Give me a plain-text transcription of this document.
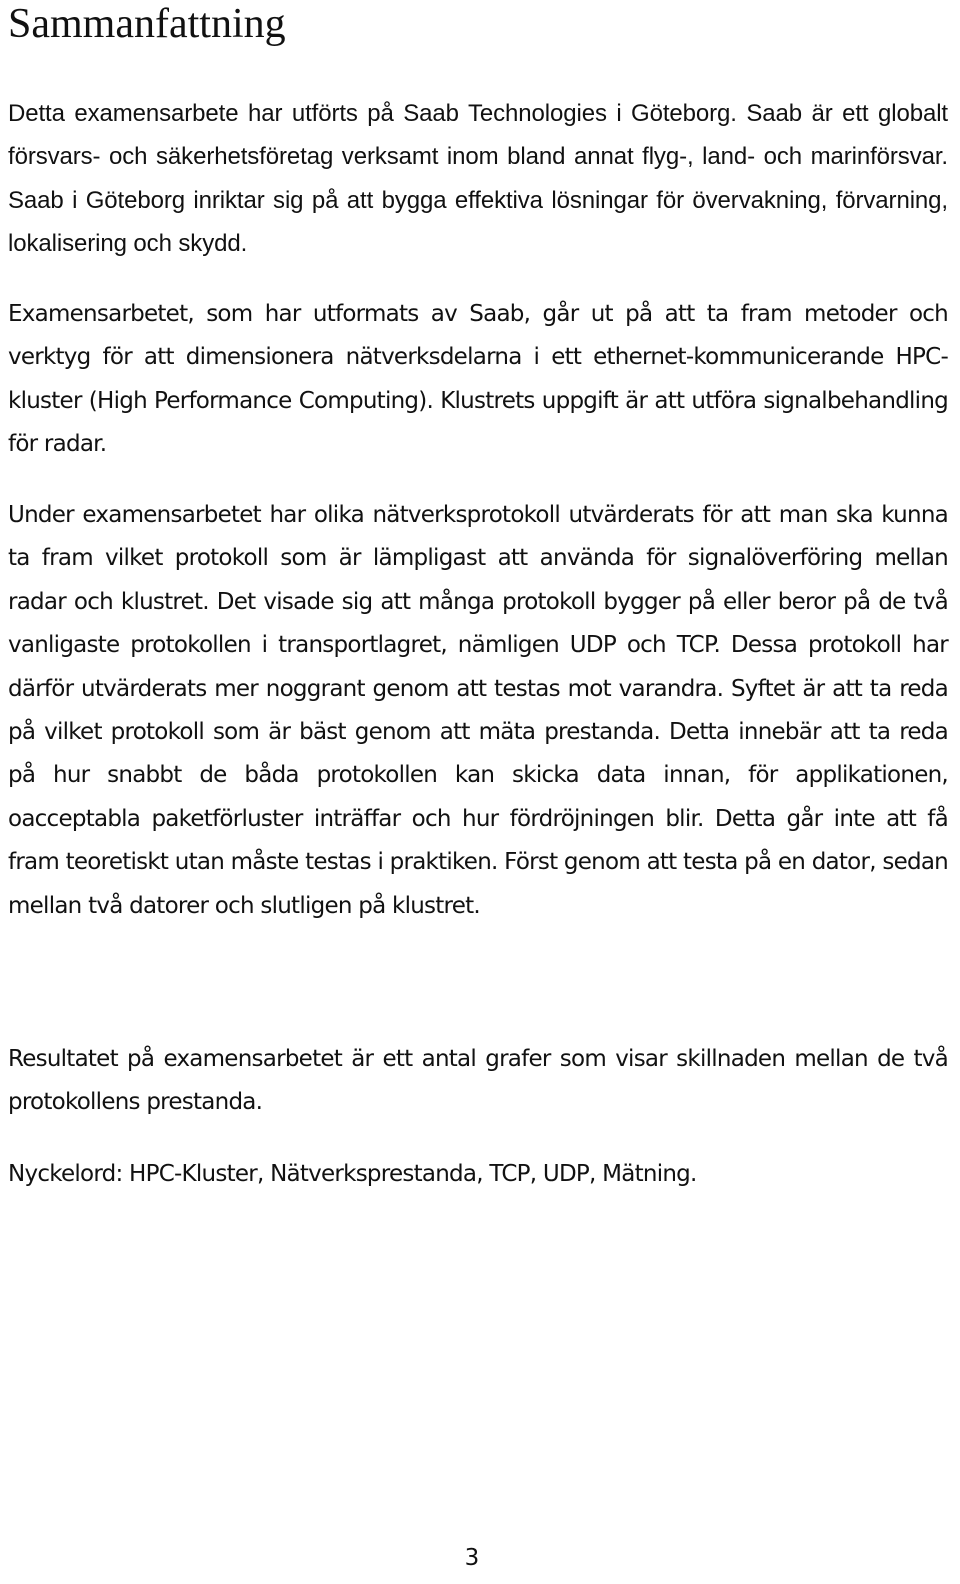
Sammanfattning

Detta examensarbete har utförts på Saab Technologies i Göteborg. Saab är ett globalt försvars- och säkerhetsföretag verksamt inom bland annat flyg-, land- och marinförsvar. Saab i Göteborg inriktar sig på att bygga effektiva lösningar för övervakning, förvarning, lokalisering och skydd.

Examensarbetet, som har utformats av Saab, går ut på att ta fram metoder och verktyg för att dimensionera nätverksdelarna i ett ethernet-kommunicerande HPC-kluster (High Performance Computing). Klustrets uppgift är att utföra signalbehandling för radar.

Under examensarbetet har olika nätverksprotokoll utvärderats för att man ska kunna ta fram vilket protokoll som är lämpligast att använda för signalöverföring mellan radar och klustret. Det visade sig att många protokoll bygger på eller beror på de två vanligaste protokollen i transportlagret, nämligen UDP och TCP. Dessa protokoll har därför utvärderats mer noggrant genom att testas mot varandra. Syftet är att ta reda på vilket protokoll som är bäst genom att mäta prestanda. Detta innebär att ta reda på hur snabbt de båda protokollen kan skicka data innan, för applikationen, oacceptabla paketförluster inträffar och hur fördröjningen blir. Detta går inte att få fram teoretiskt utan måste testas i praktiken. Först genom att testa på en dator, sedan mellan två datorer och slutligen på klustret.

Resultatet på examensarbetet är ett antal grafer som visar skillnaden mellan de två protokollens prestanda.

Nyckelord: HPC-Kluster, Nätverksprestanda, TCP, UDP, Mätning.

3
